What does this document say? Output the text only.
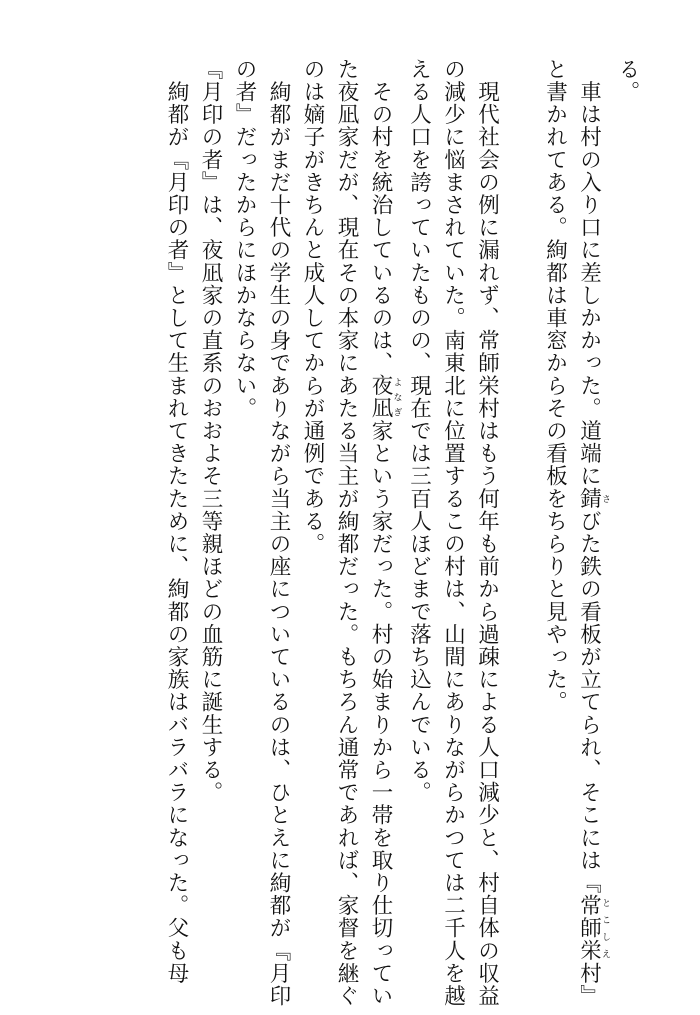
る。
　車は村の入り口に差しかかった。道端に錆さびた鉄の看板が立てられ、そこには『常師栄とこしえ村』
と書かれてある。絢都は車窓からその看板をちらりと見やった。
　現代社会の例に漏れず、常師栄村はもう何年も前から過疎による人口減少と、村自体の収益
の減少に悩まされていた。南東北に位置するこの村は、山間にありながらかつては二千人を越
える人口を誇っていたものの、現在では三百人ほどまで落ち込んでいる。
　その村を統治しているのは、夜凪よなぎ家という家だった。村の始まりから一帯を取り仕切ってい
た夜凪家だが、現在その本家にあたる当主が絢都だった。もちろん通常であれば、家督を継ぐ
のは嫡子がきちんと成人してからが通例である。
　絢都がまだ十代の学生の身でありながら当主の座についているのは、ひとえに絢都が『月印
の者』だったからにほかならない。
『月印の者』は、夜凪家の直系のおおよそ三等親ほどの血筋に誕生する。
　絢都が『月印の者』として生まれてきたために、絢都の家族はバラバラになった。父も母
